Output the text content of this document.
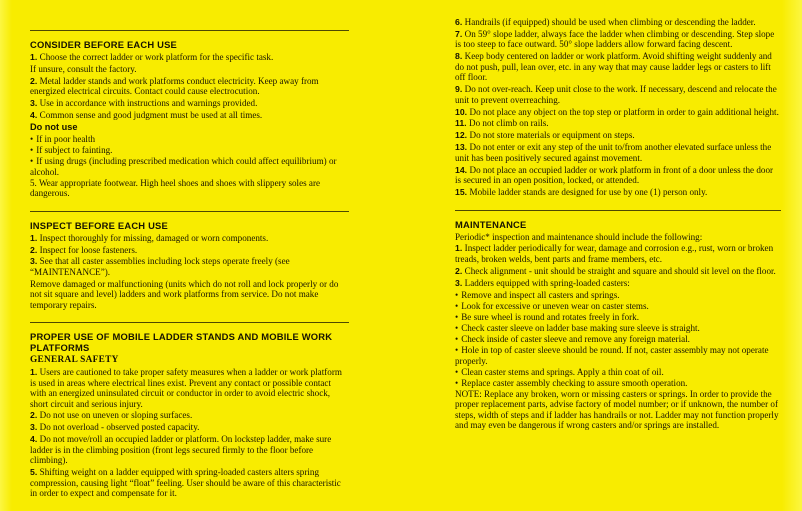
CONSIDER BEFORE EACH USE
1. Choose the correct ladder or work platform for the specific task.
If unsure, consult the factory.
2. Metal ladder stands and work platforms conduct electricity. Keep away from energized electrical circuits. Contact could cause electrocution.
3. Use in accordance with instructions and warnings provided.
4. Common sense and good judgment must be used at all times.
Do not use
• If in poor health
• If subject to fainting.
• If using drugs (including prescribed medication which could affect equilibrium) or alcohol.
5. Wear appropriate footwear. High heel shoes and shoes with slippery soles are dangerous.
INSPECT BEFORE EACH USE
1. Inspect thoroughly for missing, damaged or worn components.
2. Inspect for loose fasteners.
3. See that all caster assemblies including lock steps operate freely (see “MAINTENANCE”).
Remove damaged or malfunctioning (units which do not roll and lock properly or do not sit square and level) ladders and work platforms from service. Do not make temporary repairs.
PROPER USE OF MOBILE LADDER STANDS AND MOBILE WORK PLATFORMS
GENERAL SAFETY
1. Users are cautioned to take proper safety measures when a ladder or work platform is used in areas where electrical lines exist. Prevent any contact or possible contact with an energized uninsulated circuit or conductor in order to avoid electric shock, short circuit and serious injury.
2. Do not use on uneven or sloping surfaces.
3. Do not overload - observed posted capacity.
4. Do not move/roll an occupied ladder or platform. On lockstep ladder, make sure ladder is in the climbing position (front legs secured firmly to the floor before climbing).
5. Shifting weight on a ladder equipped with spring-loaded casters alters spring compression, causing light “float” feeling. User should be aware of this characteristic in order to expect and compensate for it.
6. Handrails (if equipped) should be used when climbing or descending the ladder.
7. On 59° slope ladder, always face the ladder when climbing or descending. Step slope is too steep to face outward. 50° slope ladders allow forward facing descent.
8. Keep body centered on ladder or work platform. Avoid shifting weight suddenly and do not push, pull, lean over, etc. in any way that may cause ladder legs or casters to lift off floor.
9. Do not over-reach. Keep unit close to the work. If necessary, descend and relocate the unit to prevent overreaching.
10. Do not place any object on the top step or platform in order to gain additional height.
11. Do not climb on rails.
12. Do not store materials or equipment on steps.
13. Do not enter or exit any step of the unit to/from another elevated surface unless the unit has been positively secured against movement.
14. Do not place an occupied ladder or work platform in front of a door unless the door is secured in an open position, locked, or attended.
15. Mobile ladder stands are designed for use by one (1) person only.
MAINTENANCE
Periodic* inspection and maintenance should include the following:
1. Inspect ladder periodically for wear, damage and corrosion e.g., rust, worn or broken treads, broken welds, bent parts and frame members, etc.
2. Check alignment - unit should be straight and square and should sit level on the floor.
3. Ladders equipped with spring-loaded casters:
• Remove and inspect all casters and springs.
• Look for excessive or uneven wear on caster stems.
• Be sure wheel is round and rotates freely in fork.
• Check caster sleeve on ladder base making sure sleeve is straight.
• Check inside of caster sleeve and remove any foreign material.
• Hole in top of caster sleeve should be round. If not, caster assembly may not operate properly.
• Clean caster stems and springs. Apply a thin coat of oil.
• Replace caster assembly checking to assure smooth operation.
NOTE: Replace any broken, worn or missing casters or springs. In order to provide the proper replacement parts, advise factory of model number; or if unknown, the number of steps, width of steps and if ladder has handrails or not. Ladder may not function properly and may even be dangerous if wrong casters and/or springs are installed.
